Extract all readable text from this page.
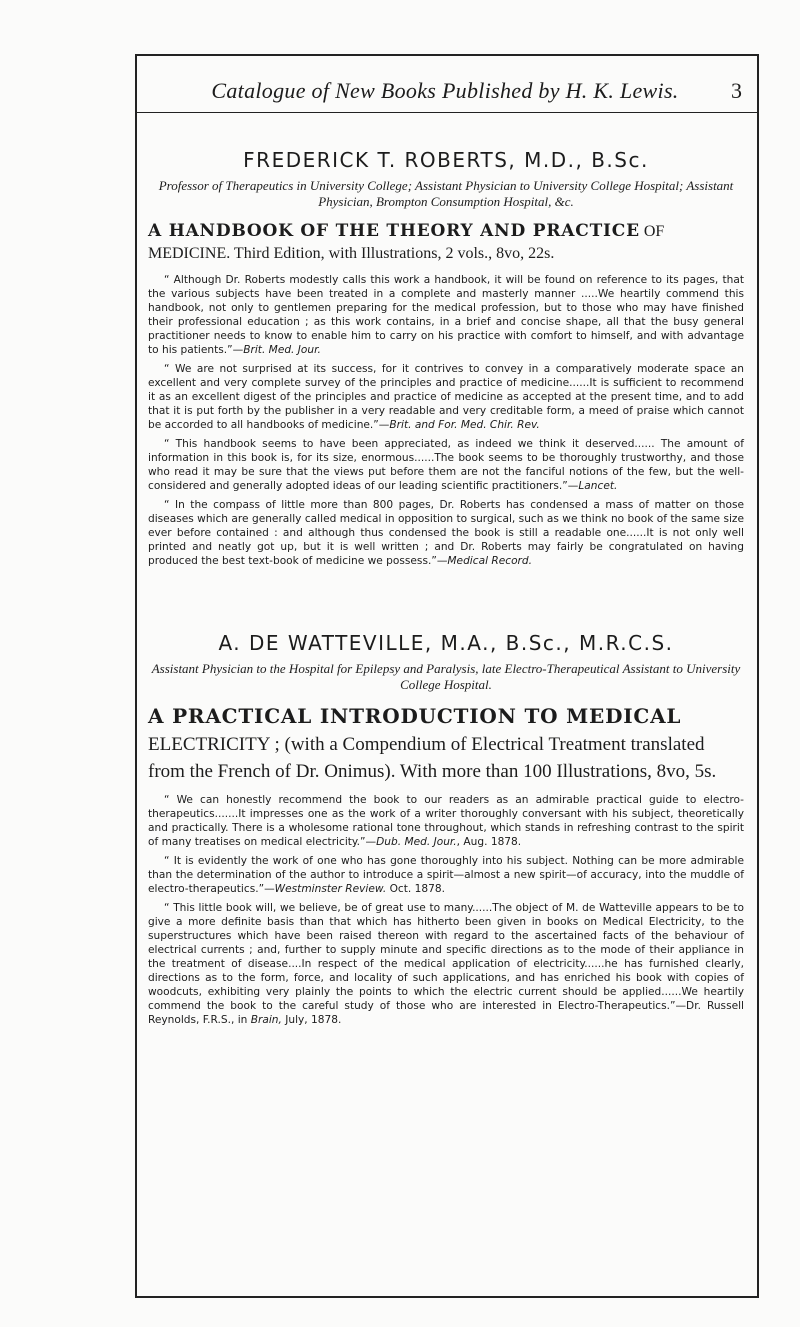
Catalogue of New Books Published by H. K. Lewis.	3
FREDERICK T. ROBERTS, M.D., B.Sc.
Professor of Therapeutics in University College; Assistant Physician to University College Hospital; Assistant Physician, Brompton Consumption Hospital, &c.
A HANDBOOK OF THE THEORY AND PRACTICE OF MEDICINE. Third Edition, with Illustrations, 2 vols., 8vo, 22s.

“ Although Dr. Roberts modestly calls this work a handbook, it will be found on reference to its pages, that the various subjects have been treated in a complete and masterly manner .....We heartily commend this handbook, not only to gentlemen preparing for the medical profession, but to those who may have finished their professional education ; as this work contains, in a brief and concise shape, all that the busy general practitioner needs to know to enable him to carry on his practice with comfort to himself, and with advantage to his patients.”—Brit. Med. Jour.

“ We are not surprised at its success, for it contrives to convey in a comparatively moderate space an excellent and very complete survey of the principles and practice of medicine......It is sufficient to recommend it as an excellent digest of the principles and practice of medicine as accepted at the present time, and to add that it is put forth by the publisher in a very readable and very creditable form, a meed of praise which cannot be accorded to all handbooks of medicine.”—Brit. and For. Med. Chir. Rev.

“ This handbook seems to have been appreciated, as indeed we think it deserved...... The amount of information in this book is, for its size, enormous......The book seems to be thoroughly trustworthy, and those who read it may be sure that the views put before them are not the fanciful notions of the few, but the well-considered and generally adopted ideas of our leading scientific practitioners.”—Lancet.

“ In the compass of little more than 800 pages, Dr. Roberts has condensed a mass of matter on those diseases which are generally called medical in opposition to surgical, such as we think no book of the same size ever before contained : and although thus condensed the book is still a readable one......It is not only well printed and neatly got up, but it is well written ; and Dr. Roberts may fairly be congratulated on having produced the best text-book of medicine we possess.”—Medical Record.

A. DE WATTEVILLE, M.A., B.Sc., M.R.C.S.
Assistant Physician to the Hospital for Epilepsy and Paralysis, late Electro-Therapeutical Assistant to University College Hospital.
A PRACTICAL INTRODUCTION TO MEDICAL ELECTRICITY ; (with a Compendium of Electrical Treatment translated from the French of Dr. Onimus). With more than 100 Illustrations, 8vo, 5s.

“ We can honestly recommend the book to our readers as an admirable practical guide to electro-therapeutics.......It impresses one as the work of a writer thoroughly conversant with his subject, theoretically and practically. There is a wholesome rational tone throughout, which stands in refreshing contrast to the spirit of many treatises on medical electricity.”—Dub. Med. Jour., Aug. 1878.

“ It is evidently the work of one who has gone thoroughly into his subject. Nothing can be more admirable than the determination of the author to introduce a spirit—almost a new spirit—of accuracy, into the muddle of electro-therapeutics.”—Westminster Review. Oct. 1878.

“ This little book will, we believe, be of great use to many......The object of M. de Watteville appears to be to give a more definite basis than that which has hitherto been given in books on Medical Electricity, to the superstructures which have been raised thereon with regard to the ascertained facts of the behaviour of electrical currents ; and, further to supply minute and specific directions as to the mode of their appliance in the treatment of disease....In respect of the medical application of electricity......he has furnished clearly, directions as to the form, force, and locality of such applications, and has enriched his book with copies of woodcuts, exhibiting very plainly the points to which the electric current should be applied......We heartily commend the book to the careful study of those who are interested in Electro-Therapeutics.”—Dr. Russell Reynolds, F.R.S., in Brain, July, 1878.
